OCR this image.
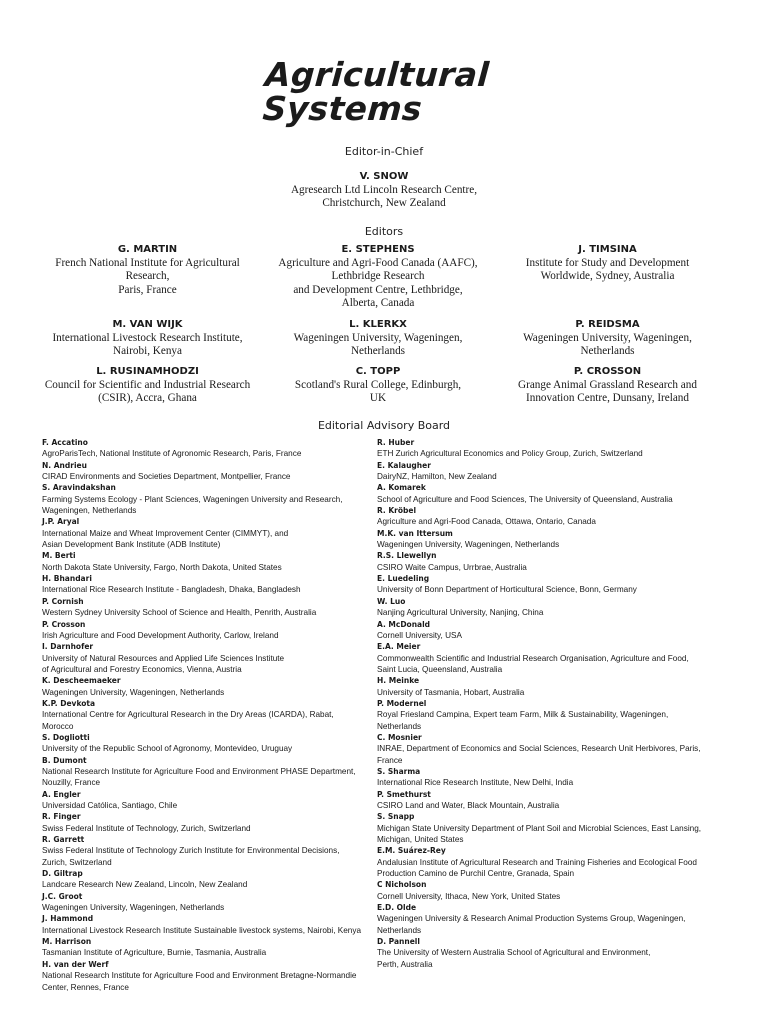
Agricultural
Systems
Editor-in-Chief
V. SNOW
Agresearch Ltd Lincoln Research Centre,
Christchurch, New Zealand
Editors
G. MARTIN
French National Institute for Agricultural
Research,
Paris, France
E. STEPHENS
Agriculture and Agri-Food Canada (AAFC),
Lethbridge Research
and Development Centre, Lethbridge,
Alberta, Canada
J. TIMSINA
Institute for Study and Development
Worldwide, Sydney, Australia
M. VAN WIJK
International Livestock Research Institute,
Nairobi, Kenya
L. KLERKX
Wageningen University, Wageningen,
Netherlands
P. REIDSMA
Wageningen University, Wageningen,
Netherlands
L. RUSINAMHODZI
Council for Scientific and Industrial Research
(CSIR), Accra, Ghana
C. TOPP
Scotland's Rural College, Edinburgh,
UK
P. CROSSON
Grange Animal Grassland Research and
Innovation Centre, Dunsany, Ireland
Editorial Advisory Board
F. Accatino
AgroParisTech, National Institute of Agronomic Research, Paris, France
N. Andrieu
CIRAD Environments and Societies Department, Montpellier, France
S. Aravindakshan
Farming Systems Ecology - Plant Sciences, Wageningen University and Research,
Wageningen, Netherlands
J.P. Aryal
International Maize and Wheat Improvement Center (CIMMYT), and
Asian Development Bank Institute (ADB Institute)
M. Berti
North Dakota State University, Fargo, North Dakota, United States
H. Bhandari
International Rice Research Institute - Bangladesh, Dhaka, Bangladesh
P. Cornish
Western Sydney University School of Science and Health, Penrith, Australia
P. Crosson
Irish Agriculture and Food Development Authority, Carlow, Ireland
I. Darnhofer
University of Natural Resources and Applied Life Sciences Institute
of Agricultural and Forestry Economics, Vienna, Austria
K. Descheemaeker
Wageningen University, Wageningen, Netherlands
K.P. Devkota
International Centre for Agricultural Research in the Dry Areas (ICARDA), Rabat,
Morocco
S. Dogliotti
University of the Republic School of Agronomy, Montevideo, Uruguay
B. Dumont
National Research Institute for Agriculture Food and Environment PHASE Department,
Nouzilly, France
A. Engler
Universidad Católica, Santiago, Chile
R. Finger
Swiss Federal Institute of Technology, Zurich, Switzerland
R. Garrett
Swiss Federal Institute of Technology Zurich Institute for Environmental Decisions,
Zurich, Switzerland
D. Giltrap
Landcare Research New Zealand, Lincoln, New Zealand
J.C. Groot
Wageningen University, Wageningen, Netherlands
J. Hammond
International Livestock Research Institute Sustainable livestock systems, Nairobi, Kenya
M. Harrison
Tasmanian Institute of Agriculture, Burnie, Tasmania, Australia
H. van der Werf
National Research Institute for Agriculture Food and Environment Bretagne-Normandie
Center, Rennes, France
R. Huber
ETH Zurich Agricultural Economics and Policy Group, Zurich, Switzerland
E. Kalaugher
DairyNZ, Hamilton, New Zealand
A. Komarek
School of Agriculture and Food Sciences, The University of Queensland, Australia
R. Kröbel
Agriculture and Agri-Food Canada, Ottawa, Ontario, Canada
M.K. van Ittersum
Wageningen University, Wageningen, Netherlands
R.S. Llewellyn
CSIRO Waite Campus, Urrbrae, Australia
E. Luedeling
University of Bonn Department of Horticultural Science, Bonn, Germany
W. Luo
Nanjing Agricultural University, Nanjing, China
A. McDonald
Cornell University, USA
E.A. Meier
Commonwealth Scientific and Industrial Research Organisation, Agriculture and Food,
Saint Lucia, Queensland, Australia
H. Meinke
University of Tasmania, Hobart, Australia
P. Modernel
Royal Friesland Campina, Expert team Farm, Milk & Sustainability, Wageningen,
Netherlands
C. Mosnier
INRAE, Department of Economics and Social Sciences, Research Unit Herbivores, Paris,
France
S. Sharma
International Rice Research Institute, New Delhi, India
P. Smethurst
CSIRO Land and Water, Black Mountain, Australia
S. Snapp
Michigan State University Department of Plant Soil and Microbial Sciences, East Lansing,
Michigan, United States
E.M. Suárez-Rey
Andalusian Institute of Agricultural Research and Training Fisheries and Ecological Food
Production Camino de Purchil Centre, Granada, Spain
C Nicholson
Cornell University, Ithaca, New York, United States
E.D. Olde
Wageningen University & Research Animal Production Systems Group, Wageningen,
Netherlands
D. Pannell
The University of Western Australia School of Agricultural and Environment,
Perth, Australia
